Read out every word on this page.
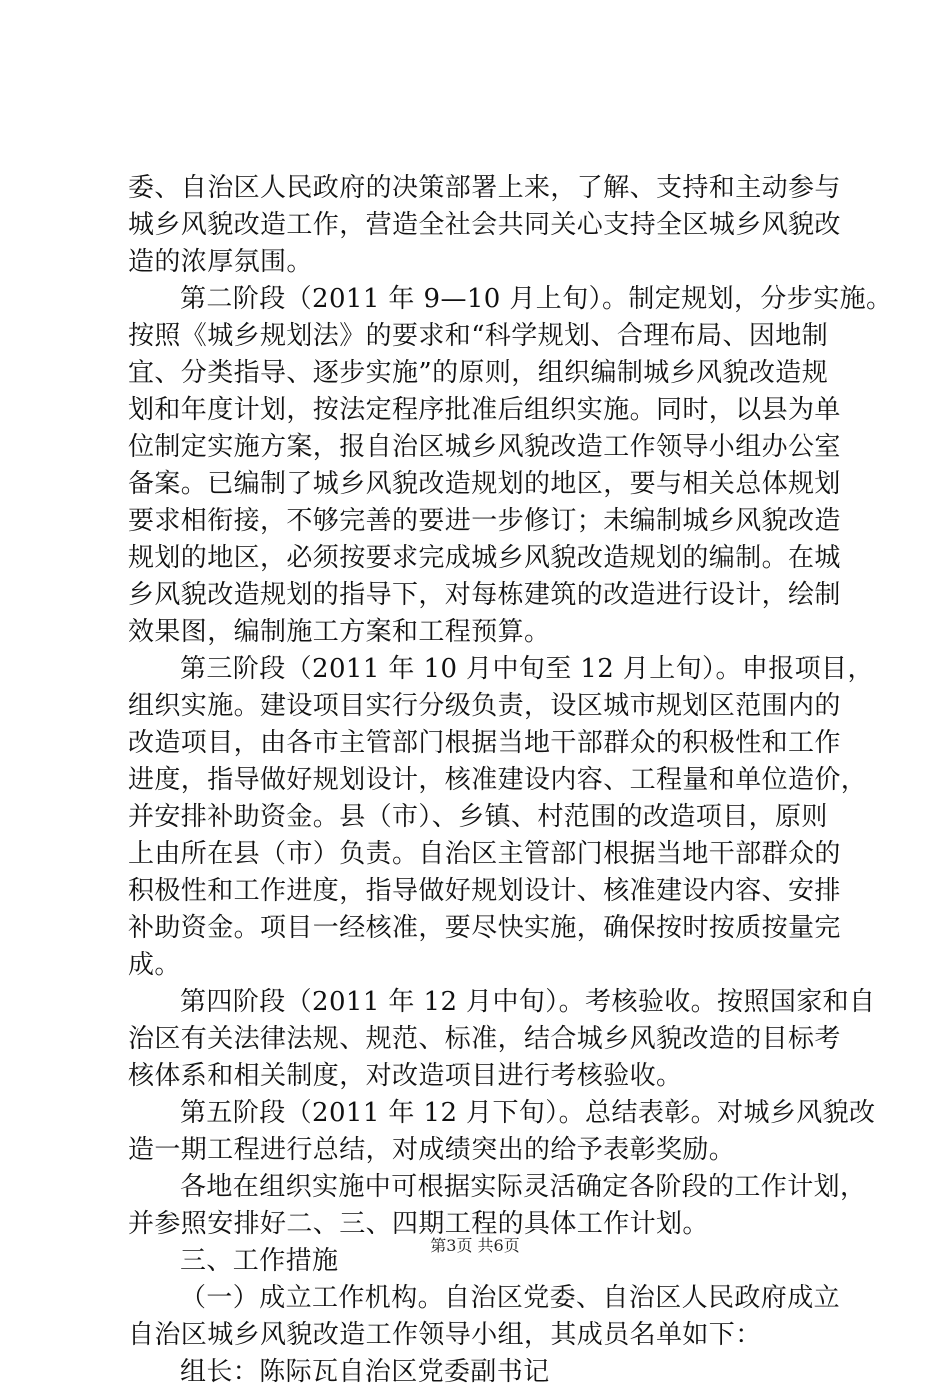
委、自治区人民政府的决策部署上来，了解、支持和主动参与
城乡风貌改造工作，营造全社会共同关心支持全区城乡风貌改
造的浓厚氛围。
第二阶段（2011 年 9—10 月上旬）。制定规划，分步实施。
按照《城乡规划法》的要求和“科学规划、合理布局、因地制
宜、分类指导、逐步实施”的原则，组织编制城乡风貌改造规
划和年度计划，按法定程序批准后组织实施。同时，以县为单
位制定实施方案，报自治区城乡风貌改造工作领导小组办公室
备案。已编制了城乡风貌改造规划的地区，要与相关总体规划
要求相衔接，不够完善的要进一步修订；未编制城乡风貌改造
规划的地区，必须按要求完成城乡风貌改造规划的编制。在城
乡风貌改造规划的指导下，对每栋建筑的改造进行设计，绘制
效果图，编制施工方案和工程预算。
第三阶段（2011 年 10 月中旬至 12 月上旬）。申报项目，
组织实施。建设项目实行分级负责，设区城市规划区范围内的
改造项目，由各市主管部门根据当地干部群众的积极性和工作
进度，指导做好规划设计，核准建设内容、工程量和单位造价，
并安排补助资金。县（市）、乡镇、村范围的改造项目，原则
上由所在县（市）负责。自治区主管部门根据当地干部群众的
积极性和工作进度，指导做好规划设计、核准建设内容、安排
补助资金。项目一经核准，要尽快实施，确保按时按质按量完
成。
第四阶段（2011 年 12 月中旬）。考核验收。按照国家和自
治区有关法律法规、规范、标准，结合城乡风貌改造的目标考
核体系和相关制度，对改造项目进行考核验收。
第五阶段（2011 年 12 月下旬）。总结表彰。对城乡风貌改
造一期工程进行总结，对成绩突出的给予表彰奖励。
各地在组织实施中可根据实际灵活确定各阶段的工作计划，
并参照安排好二、三、四期工程的具体工作计划。
三、工作措施
（一）成立工作机构。自治区党委、自治区人民政府成立
自治区城乡风貌改造工作领导小组，其成员名单如下：
组长：陈际瓦自治区党委副书记
第3页 共6页
